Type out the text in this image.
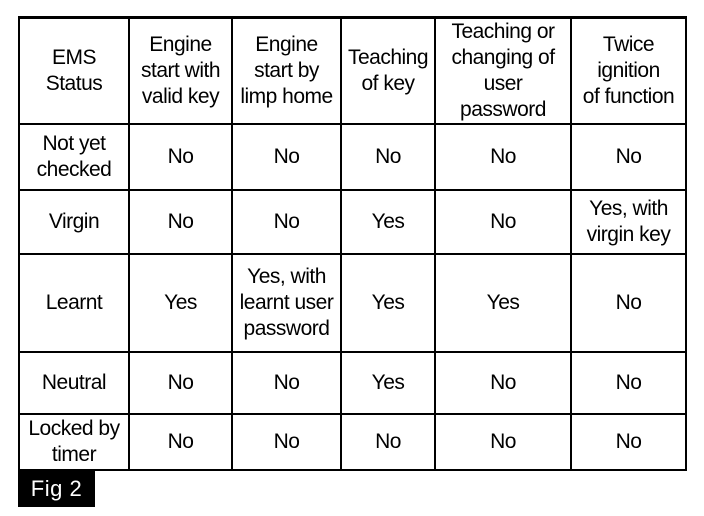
EMS
Status	Engine
start with
valid key	Engine
start by
limp home	Teaching
of key	Teaching or
changing of
user password	Twice
ignition
of function
Not yet
checked	No	No	No	No	No
Virgin	No	No	Yes	No	Yes, with
virgin key
Learnt	Yes	Yes, with
learnt user
password	Yes	Yes	No
Neutral	No	No	Yes	No	No
Locked by
timer	No	No	No	No	No
Fig 2
